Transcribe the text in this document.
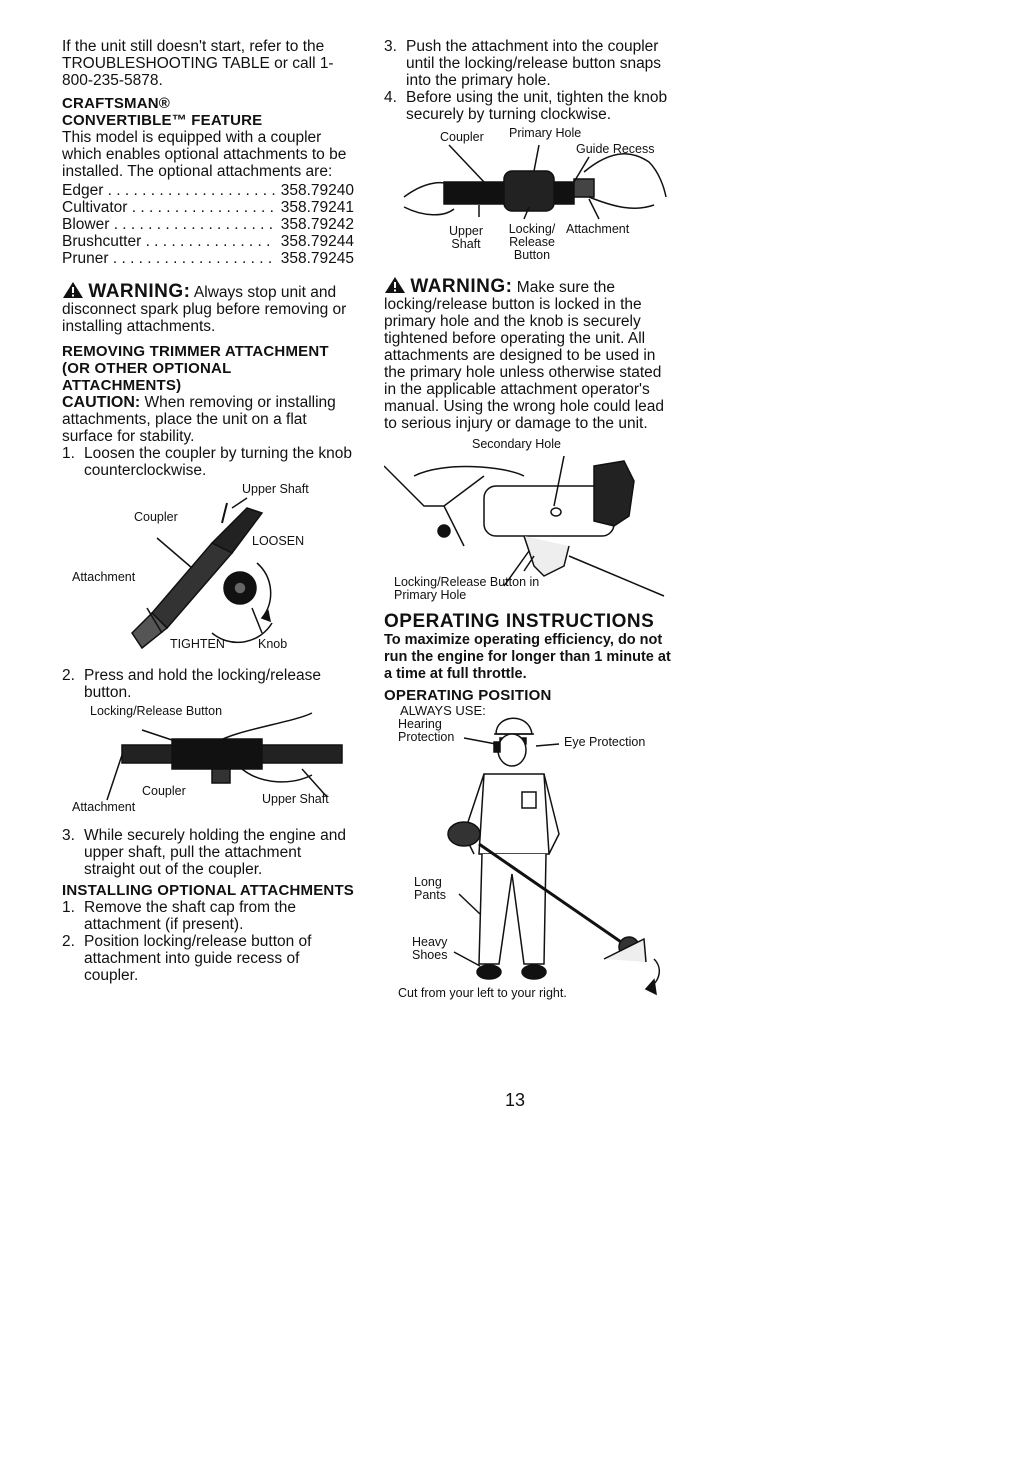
If the unit still doesn't start, refer to the TROUBLESHOOTING TABLE or call 1-800-235-5878.

CRAFTSMAN®
CONVERTIBLE™ FEATURE

This model is equipped with a coupler which enables optional attachments to be installed. The optional attachments are:

Edger . . .	358.79240
Cultivator . . .	358.79241
Blower . . .	358.79242
Brushcutter . . .	358.79244
Pruner . . .	358.79245

WARNING: Always stop unit and disconnect spark plug before removing or installing attachments.

REMOVING TRIMMER ATTACHMENT (OR OTHER OPTIONAL ATTACHMENTS)

CAUTION: When removing or installing attachments, place the unit on a flat surface for stability.

1. Loosen the coupler by turning the knob counterclockwise.
Upper Shaft
Coupler
LOOSEN
Attachment
TIGHTEN	Knob
2. Press and hold the locking/release button.
Locking/Release Button
Coupler
Upper Shaft
Attachment
3. While securely holding the engine and upper shaft, pull the attachment straight out of the coupler.
INSTALLING OPTIONAL ATTACHMENTS
1. Remove the shaft cap from the attachment (if present).
2. Position locking/release button of attachment into guide recess of coupler.
3. Push the attachment into the coupler until the locking/release button snaps into the primary hole.
4. Before using the unit, tighten the knob securely by turning clockwise.
Coupler Primary Hole
Guide Recess
Upper Shaft
Locking/ Release Button
Attachment

WARNING: Make sure the locking/release button is locked in the primary hole and the knob is securely tightened before operating the unit. All attachments are designed to be used in the primary hole unless otherwise stated in the applicable attachment operator's manual. Using the wrong hole could lead to serious injury or damage to the unit.

Secondary Hole
Locking/Release Button in Primary Hole
OPERATING INSTRUCTIONS

To maximize operating efficiency, do not run the engine for longer than 1 minute at a time at full throttle.

OPERATING POSITION
ALWAYS USE:
Hearing Protection	Eye Protection
Long Pants
Heavy Shoes
Cut from your left to your right.
13
